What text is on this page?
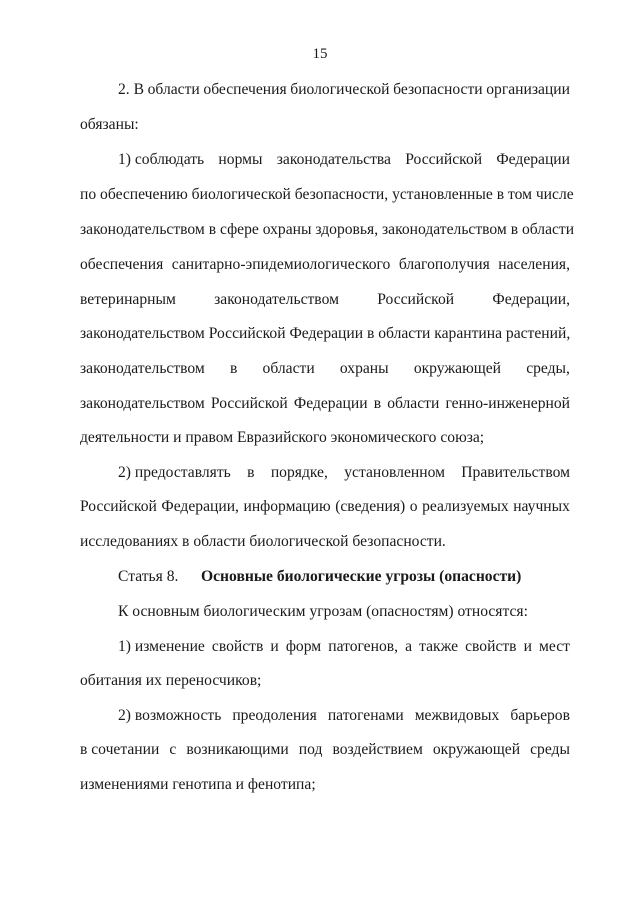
15
2. В области обеспечения биологической безопасности организации
обязаны:
1) соблюдать нормы законодательства Российской Федерации
по обеспечению биологической безопасности, установленные в том числе
законодательством в сфере охраны здоровья, законодательством в области
обеспечения санитарно-эпидемиологического благополучия населения,
ветеринарным законодательством Российской Федерации,
законодательством Российской Федерации в области карантина растений,
законодательством в области охраны окружающей среды,
законодательством Российской Федерации в области генно-инженерной
деятельности и правом Евразийского экономического союза;
2) предоставлять в порядке, установленном Правительством
Российской Федерации, информацию (сведения) о реализуемых научных
исследованиях в области биологической безопасности.
Статья 8. Основные биологические угрозы (опасности)
К основным биологическим угрозам (опасностям) относятся:
1) изменение свойств и форм патогенов, а также свойств и мест
обитания их переносчиков;
2) возможность преодоления патогенами межвидовых барьеров
в сочетании с возникающими под воздействием окружающей среды
изменениями генотипа и фенотипа;
